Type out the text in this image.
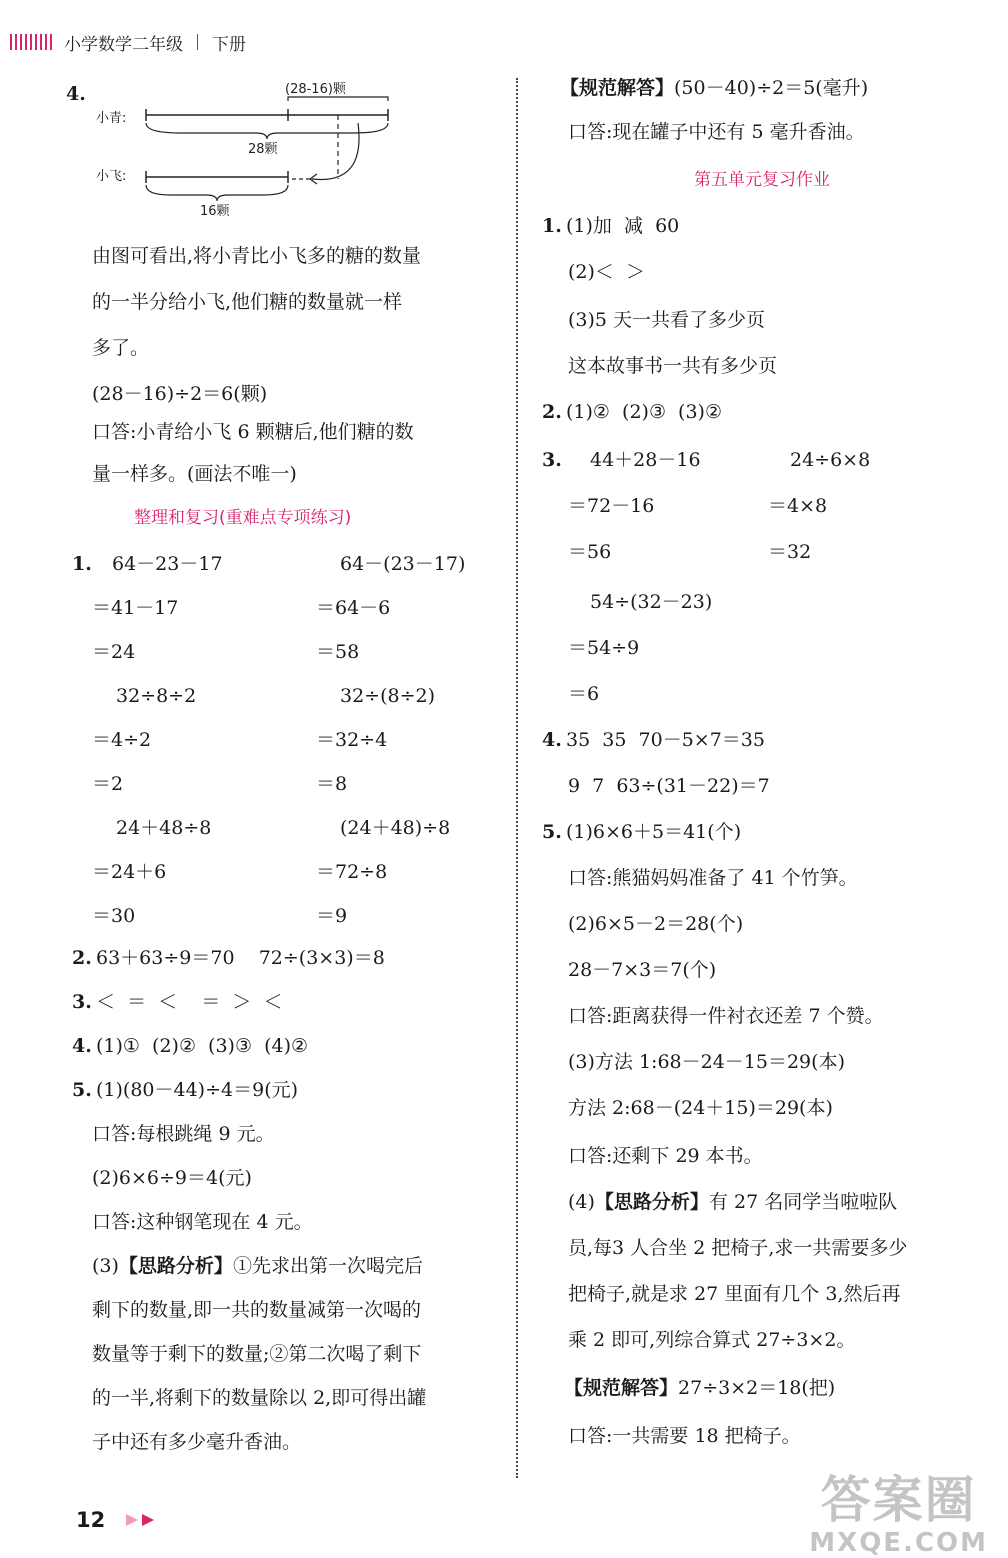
小学数学二年级 下册
4.	(28-16)颗
小青:
28颗
小飞:
16颗
由图可看出,将小青比小飞多的糖的数量
的一半分给小飞,他们糖的数量就一样
多了。
(28－16)÷2＝6(颗)
口答:小青给小飞 6 颗糖后,他们糖的数
量一样多。(画法不唯一)
整理和复习(重难点专项练习)
1. 64－23－17	64－(23－17)
＝41－17	＝64－6
＝24	＝58
32÷8÷2	32÷(8÷2)
＝4÷2	＝32÷4
＝2	＝8
24＋48÷8	(24＋48)÷8
＝24＋6	＝72÷8
＝30	＝9
2. 63＋63÷9＝70    72÷(3×3)＝8
3. ＜  ＝  ＜    ＝  ＞  ＜
4. (1)①  (2)②  (3)③  (4)②
5. (1)(80－44)÷4＝9(元)
口答:每根跳绳 9 元。
(2)6×6÷9＝4(元)
口答:这种钢笔现在 4 元。
(3)【思路分析】①先求出第一次喝完后
剩下的数量,即一共的数量减第一次喝的
数量等于剩下的数量;②第二次喝了剩下
的一半,将剩下的数量除以 2,即可得出罐
子中还有多少毫升香油。
【规范解答】(50－40)÷2＝5(毫升)
口答:现在罐子中还有 5 毫升香油。
第五单元复习作业
1. (1)加  减  60
(2)＜  ＞
(3)5 天一共看了多少页
这本故事书一共有多少页
2. (1)②  (2)③  (3)②
3. 44＋28－16	24÷6×8
＝72－16	＝4×8
＝56	＝32
54÷(32－23)
＝54÷9
＝6
4. 35  35  70－5×7＝35
9  7  63÷(31－22)＝7
5. (1)6×6＋5＝41(个)
口答:熊猫妈妈准备了 41 个竹笋。
(2)6×5－2＝28(个)
28－7×3＝7(个)
口答:距离获得一件衬衣还差 7 个赞。
(3)方法 1:68－24－15＝29(本)
方法 2:68－(24＋15)＝29(本)
口答:还剩下 29 本书。
(4)【思路分析】有 27 名同学当啦啦队
员,每3 人合坐 2 把椅子,求一共需要多少
把椅子,就是求 27 里面有几个 3,然后再
乘 2 即可,列综合算式 27÷3×2。
【规范解答】27÷3×2＝18(把)
口答:一共需要 18 把椅子。
12	答案圈
MXQE.COM
